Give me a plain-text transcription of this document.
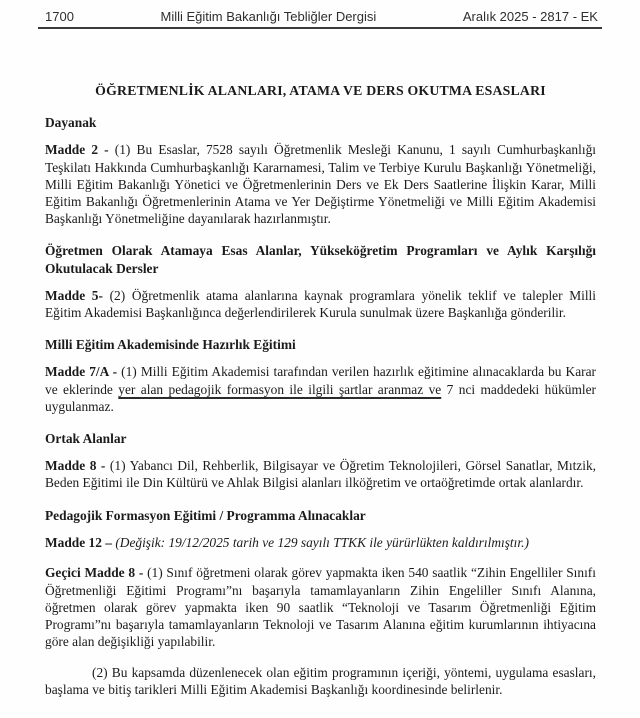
1700	Milli Eğitim Bakanlığı Tebliğler Dergisi	Aralık 2025 - 2817 - EK
ÖĞRETMENLİK ALANLARI, ATAMA VE DERS OKUTMA ESASLARI
Dayanak

Madde 2 - (1) Bu Esaslar, 7528 sayılı Öğretmenlik Mesleği Kanunu, 1 sayılı Cumhurbaşkanlığı Teşkilatı Hakkında Cumhurbaşkanlığı Kararnamesi, Talim ve Terbiye Kurulu Başkanlığı Yönetmeliği, Milli Eğitim Bakanlığı Yönetici ve Öğretmenlerinin Ders ve Ek Ders Saatlerine İlişkin Karar, Milli Eğitim Bakanlığı Öğretmenlerinin Atama ve Yer Değiştirme Yönetmeliği ve Milli Eğitim Akademisi Başkanlığı Yönetmeliğine dayanılarak hazırlanmıştır.

Öğretmen Olarak Atamaya Esas Alanlar, Yükseköğretim Programları ve Aylık Karşılığı Okutulacak Dersler

Madde 5- (2) Öğretmenlik atama alanlarına kaynak programlara yönelik teklif ve talepler Milli Eğitim Akademisi Başkanlığınca değerlendirilerek Kurula sunulmak üzere Başkanlığa gönderilir.

Milli Eğitim Akademisinde Hazırlık Eğitimi

Madde 7/A - (1) Milli Eğitim Akademisi tarafından verilen hazırlık eğitimine alınacaklarda bu Karar ve eklerinde yer alan pedagojik formasyon ile ilgili şartlar aranmaz ve 7 nci maddedeki hükümler uygulanmaz.

Ortak Alanlar

Madde 8 - (1) Yabancı Dil, Rehberlik, Bilgisayar ve Öğretim Teknolojileri, Görsel Sanatlar, Mıtzik, Beden Eğitimi ile Din Kültürü ve Ahlak Bilgisi alanları ilköğretim ve ortaöğretimde ortak alanlardır.

Pedagojik Formasyon Eğitimi / Programma Alınacaklar

Madde 12 – (Değişik: 19/12/2025 tarih ve 129 sayılı TTKK ile yürürlükten kaldırılmıştır.)

Geçici Madde 8 - (1) Sınıf öğretmeni olarak görev yapmakta iken 540 saatlik “Zihin Engelliler Sınıfı Öğretmenliği Eğitimi Programı”nı başarıyla tamamlayanların Zihin Engeliller Sınıfı Alanına, öğretmen olarak görev yapmakta iken 90 saatlik “Teknoloji ve Tasarım Öğretmenliği Eğitim Programı”nı başarıyla tamamlayanların Teknoloji ve Tasarım Alanına eğitim kurumlarının ihtiyacına göre alan değişikliği yapılabilir.

(2) Bu kapsamda düzenlenecek olan eğitim programının içeriği, yöntemi, uygulama esasları, başlama ve bitiş tarikleri Milli Eğitim Akademisi Başkanlığı koordinesinde belirlenir.
